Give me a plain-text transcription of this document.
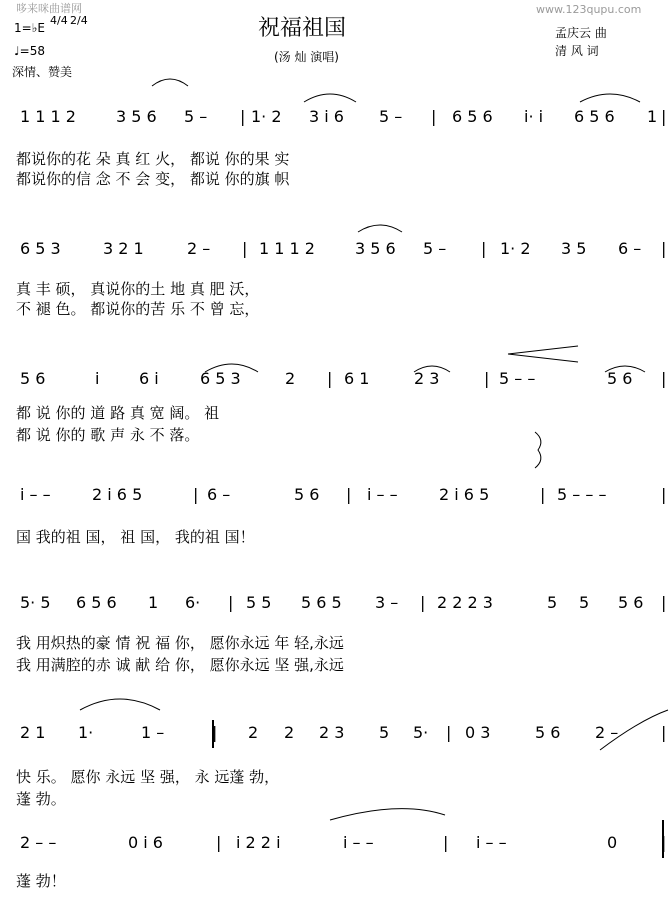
哆来咪曲谱网	www.123qupu.com
1=♭E
4/4 2/4
♩=58
深情、赞美
祝福祖国
(汤 灿 演唱)
孟庆云 曲
清 风 词
1 1 1 2	3 5 6 5 – | 1· 2 3 i 6 5 – | 6 5 6 i· i 6 5 6 1 |
都说你的花 朵 真 红 火， 都说 你的果 实
都说你的信 念 不 会 变， 都说 你的旗 帜
6 5 3	3 2 1	2 – | 1 1 1 2	3 5 6 5 – | 1· 2 3 5 6 – |
真 丰 硕， 真说你的土 地 真 肥 沃，
不 褪 色。 都说你的苦 乐 不 曾 忘，
5 6	i 6 i	6 5 3	2 | 6 1	2 3	| 5 – –	5 6 |
都 说 你的 道 路 真 宽 阔。 祖
都 说 你的 歌 声 永 不 落。
i – –	2 i 6 5	| 6 –	5 6 | i – –	2 i 6 5	| 5 – – –	|
国 我的祖 国， 祖 国， 我的祖 国！
5· 5 6 5 6 1 6· | 5 5 5 6 5 3 – | 2 2 2 3	5 5 5 6 |
我 用炽热的豪 情 祝 福 你， 愿你永远 年 轻,永远
我 用满腔的赤 诚 献 给 你， 愿你永远 坚 强,永远
2 1 1·	1 –	| 2 2 2 3 5 5· | 0 3	5 6 2 –	|
快 乐。 愿你 永远 坚 强， 永 远蓬 勃，
蓬 勃。
2 – –	0 i 6	| i 2 2 i	i – –	| i – –	0	|
蓬 勃！
